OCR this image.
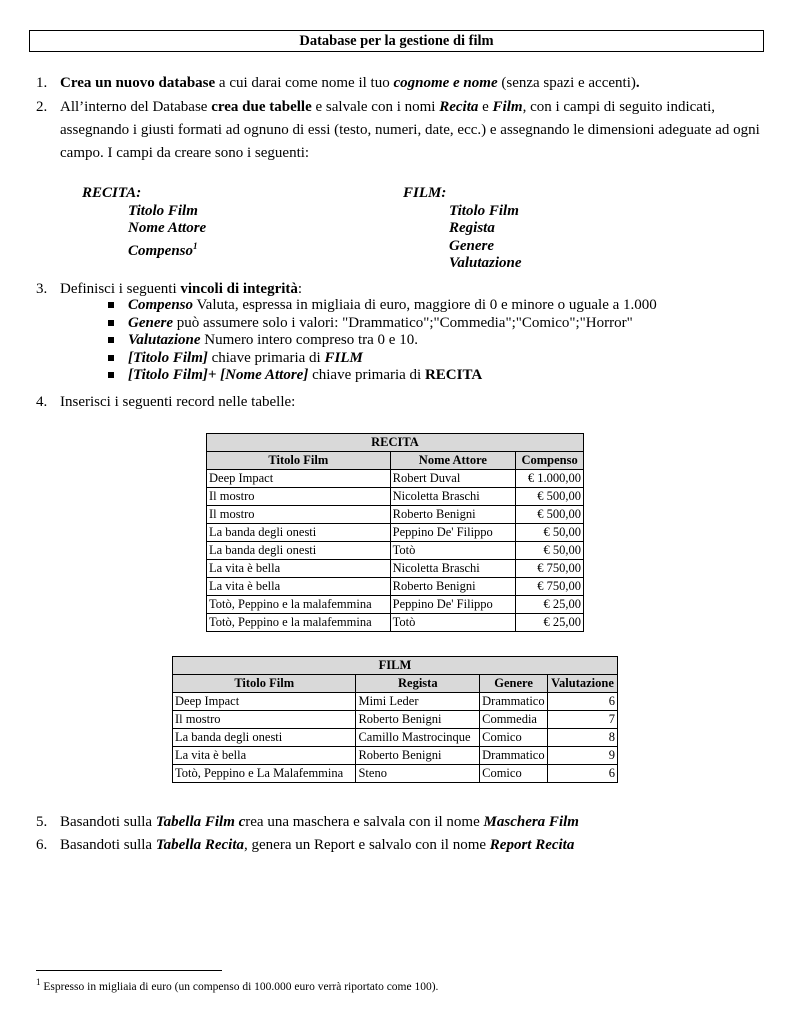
Database per la gestione di film
1. Crea un nuovo database a cui darai come nome il tuo cognome e nome (senza spazi e accenti).
2. All’interno del Database crea due tabelle e salvale con i nomi Recita e Film, con i campi di seguito indicati, assegnando i giusti formati ad ognuno di essi (testo, numeri, date, ecc.) e assegnando le dimensioni adeguate ad ogni campo. I campi da creare sono i seguenti:
RECITA:
Titolo Film
Nome Attore
Compenso$^1$
FILM:
Titolo Film
Regista
Genere
Valutazione
3. Definisci i seguenti vincoli di integrità:
Compenso Valuta, espressa in migliaia di euro, maggiore di 0 e minore o uguale a 1.000
Genere può assumere solo i valori: "Drammatico";"Commedia";"Comico";"Horror"
Valutazione Numero intero compreso tra 0 e 10.
[Titolo Film] chiave primaria di FILM
[Titolo Film]+ [Nome Attore] chiave primaria di RECITA
4. Inserisci i seguenti record nelle tabelle:
RECITA		
Titolo Film	Nome Attore	Compenso
Deep Impact	Robert Duval	€ 1.000,00
Il mostro	Nicoletta Braschi	€ 500,00
Il mostro	Roberto Benigni	€ 500,00
La banda degli onesti	Peppino De' Filippo	€ 50,00
La banda degli onesti	Totò	€ 50,00
La vita è bella	Nicoletta Braschi	€ 750,00
La vita è bella	Roberto Benigni	€ 750,00
Totò, Peppino e la malafemmina	Peppino De' Filippo	€ 25,00
Totò, Peppino e la malafemmina	Totò	€ 25,00
FILM			
Titolo Film	Regista	Genere	Valutazione
Deep Impact	Mimi Leder	Drammatico	6
Il mostro	Roberto Benigni	Commedia	7
La banda degli onesti	Camillo Mastrocinque	Comico	8
La vita è bella	Roberto Benigni	Drammatico	9
Totò, Peppino e La Malafemmina	Steno	Comico	6
5. Basandoti sulla Tabella Film crea una maschera e salvala con il nome Maschera Film
6. Basandoti sulla Tabella Recita, genera un Report e salvalo con il nome Report Recita
$^1$ Espresso in migliaia di euro (un compenso di 100.000 euro verrà riportato come 100).
